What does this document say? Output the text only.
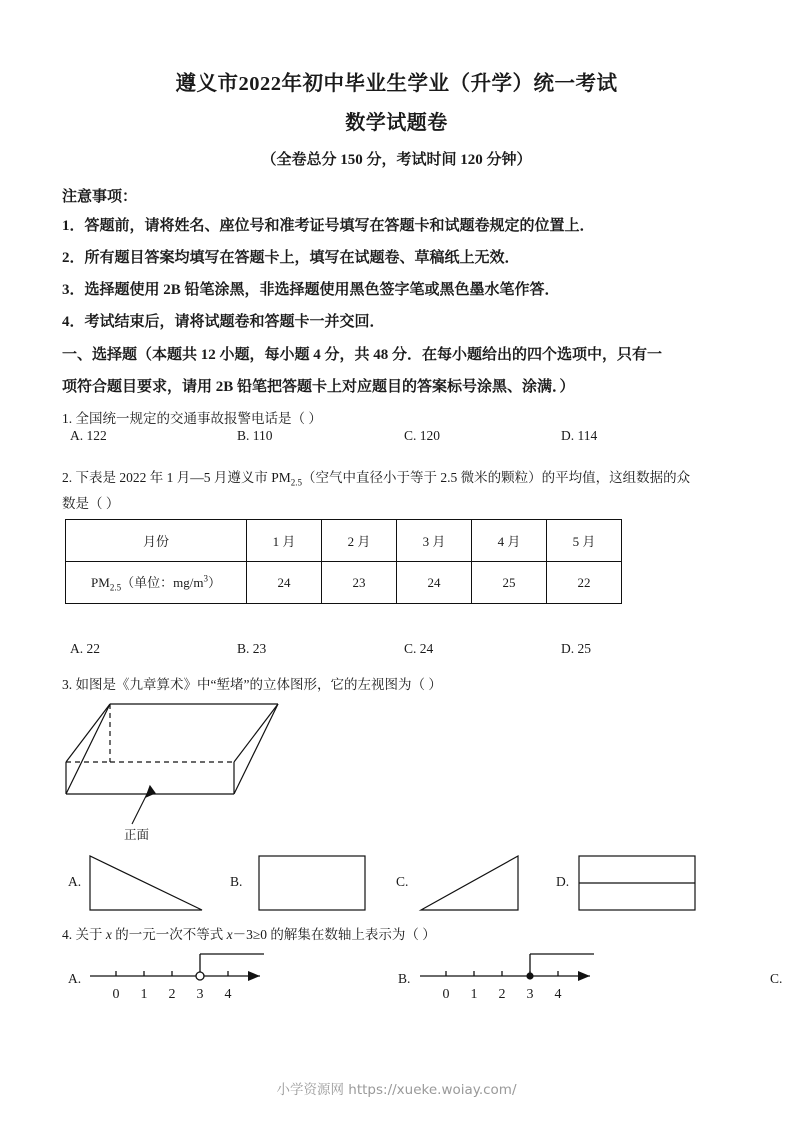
遵义市2022年初中毕业生学业（升学）统一考试
数学试题卷
（全卷总分 150 分，考试时间 120 分钟）
注意事项：
1．答题前，请将姓名、座位号和准考证号填写在答题卡和试题卷规定的位置上．
2．所有题目答案均填写在答题卡上，填写在试题卷、草稿纸上无效．
3．选择题使用 2B 铅笔涂黑，非选择题使用黑色签字笔或黑色墨水笔作答．
4．考试结束后，请将试题卷和答题卡一并交回．
一、选择题（本题共 12 小题，每小题 4 分，共 48 分．在每小题给出的四个选项中，只有一
项符合题目要求，请用 2B 铅笔把答题卡上对应题目的答案标号涂黑、涂满．）
1. 全国统一规定的交通事故报警电话是（ ）
A. 122	B. 110	C. 120	D. 114
2. 下表是 2022 年 1 月—5 月遵义市 $PM_{2.5}$（空气中直径小于等于 2.5 微米的颗粒）的平均值，这组数据的众
数是（ ）
月份	1 月	2 月	3 月	4 月	5 月
$PM_{2.5}$（单位：$mg/m^3$）	24	23	24	25	22
A. 22	B. 23	C. 24	D. 25
3. 如图是《九章算术》中“堑堵”的立体图形，它的左视图为（ ）
正面
A.	B.	C.	D.
4. 关于 x 的一元一次不等式 x－3≥0 的解集在数轴上表示为（ ）
A.
0 1 2 3 4
B.
0 1 2 3 4
C.
小学资源网 https://xueke.woiay.com/
